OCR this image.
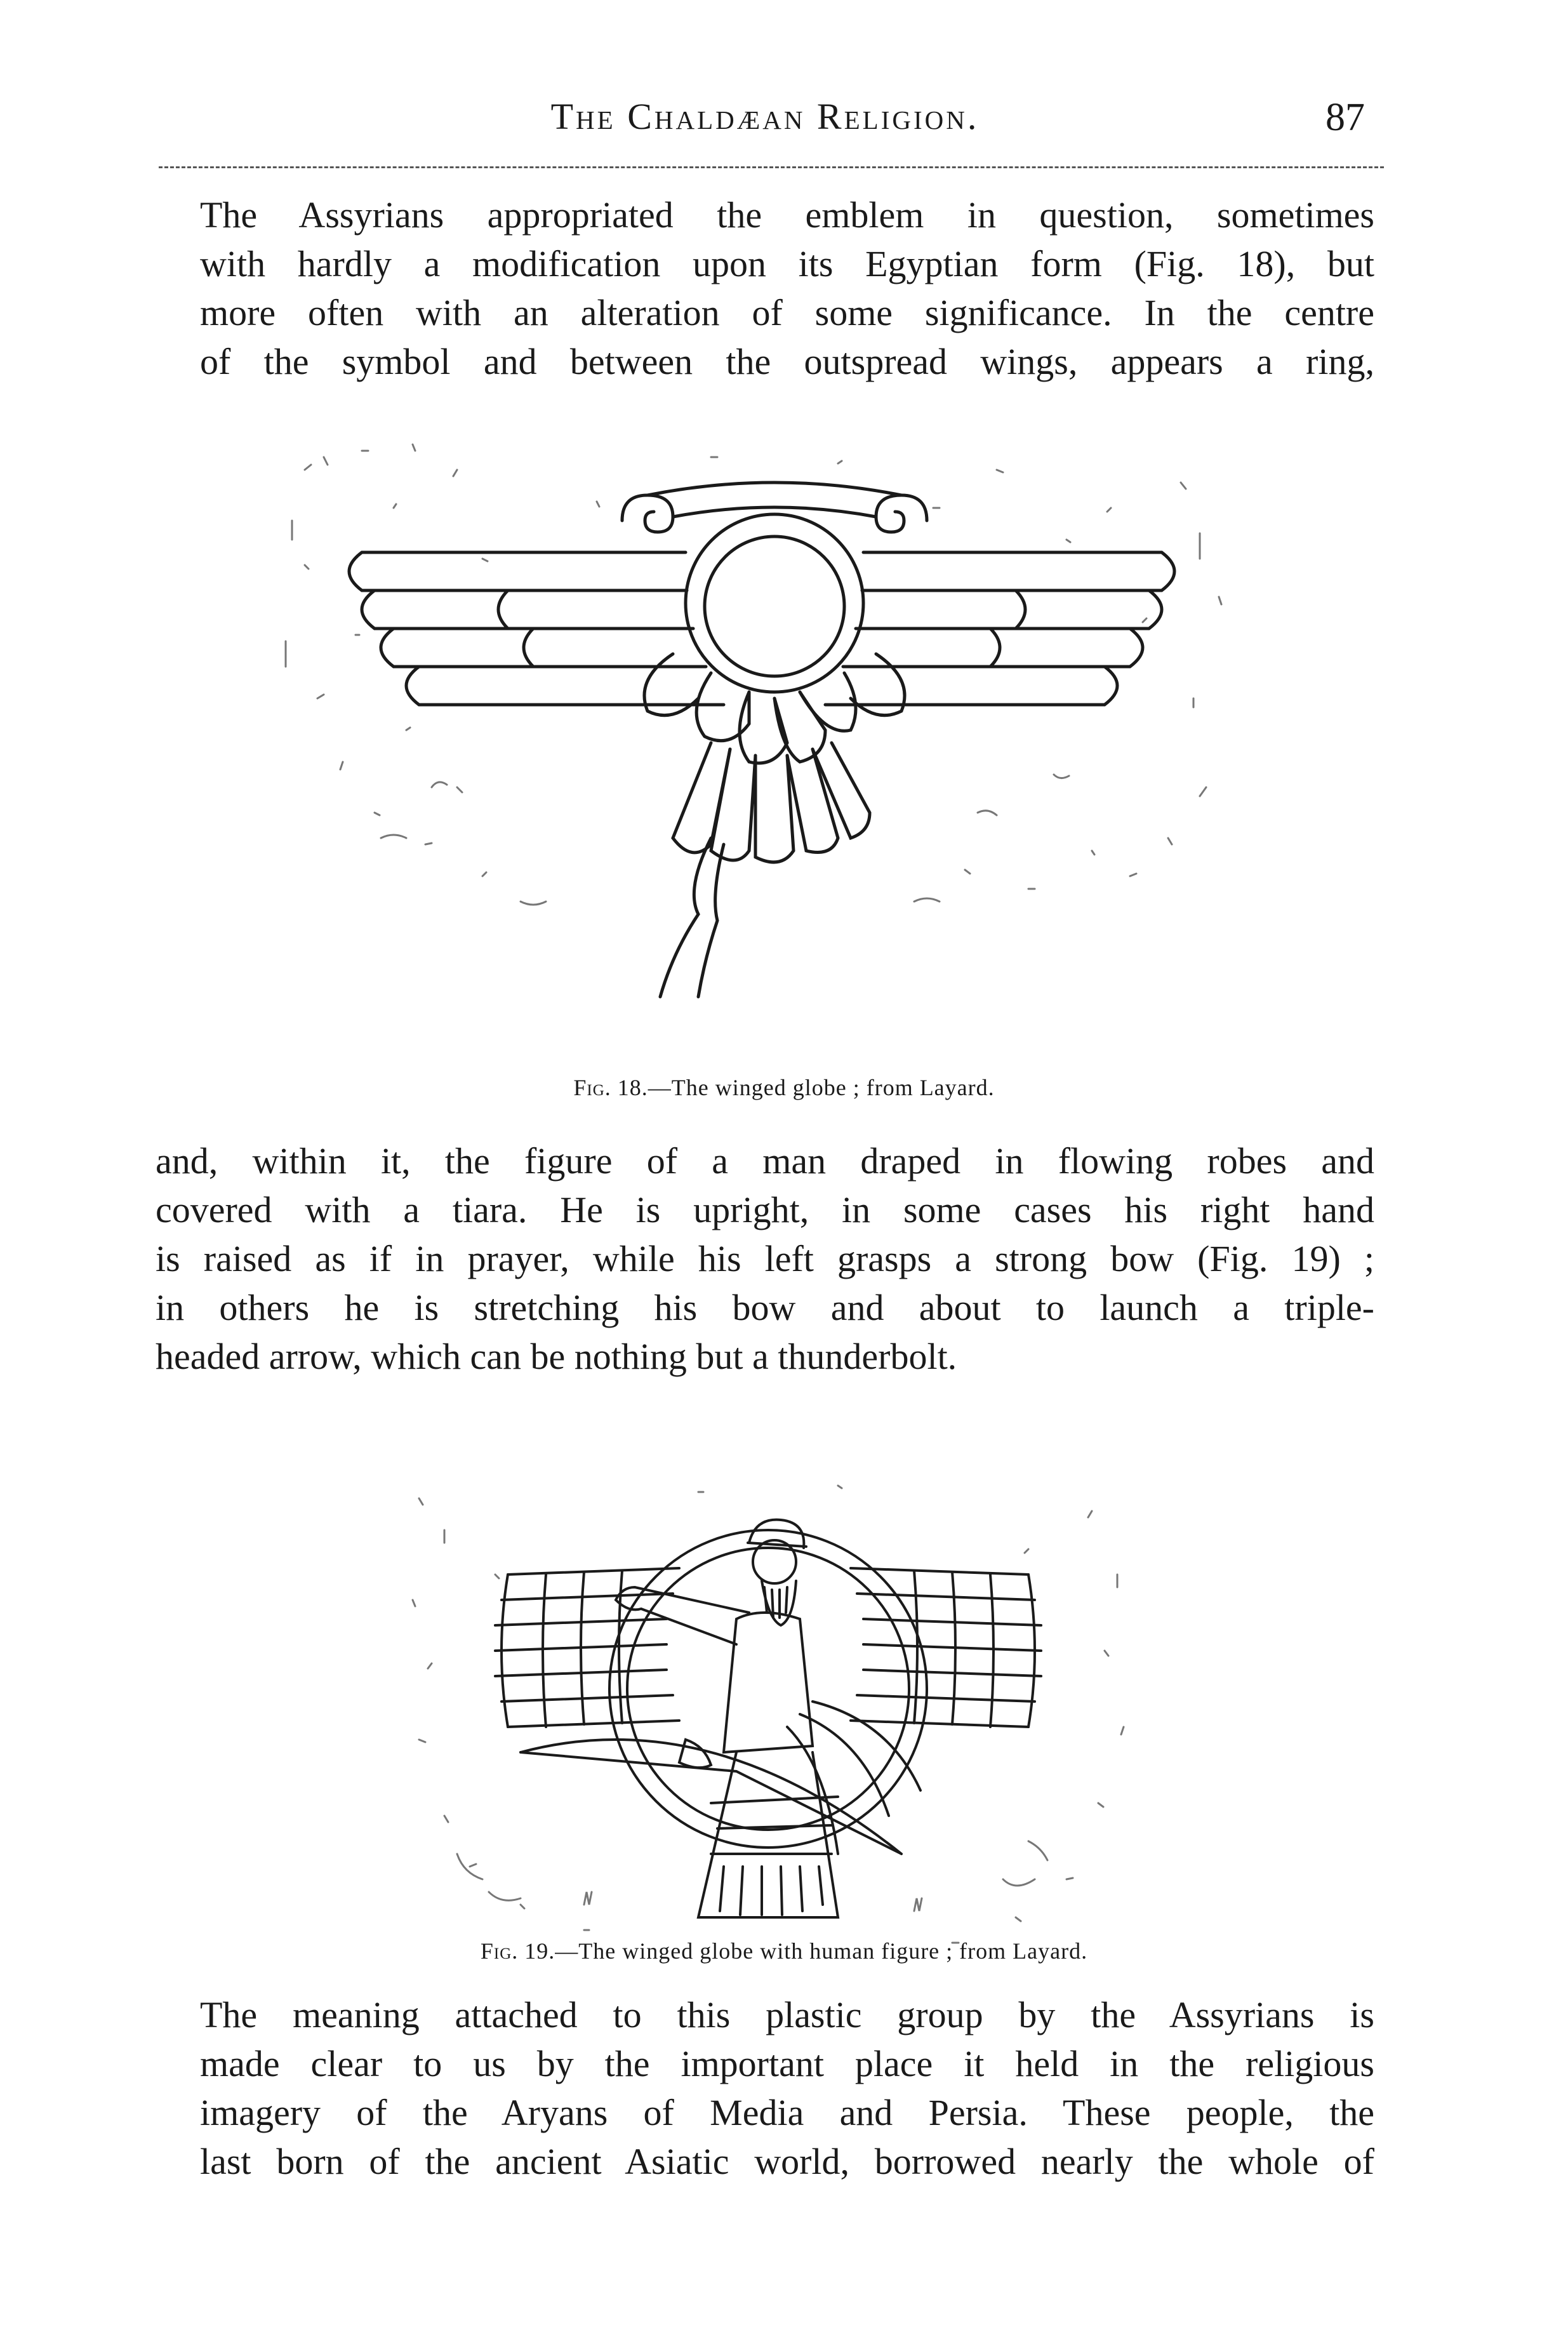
The Chaldæan Religion.	87
The Assyrians appropriated the emblem in question, sometimes
with hardly a modification upon its Egyptian form (Fig. 18), but
more often with an alteration of some significance. In the centre
of the symbol and between the outspread wings, appears a ring,
Fig. 18.—The winged globe ; from Layard.
and, within it, the figure of a man draped in flowing robes and
covered with a tiara. He is upright, in some cases his right hand
is raised as if in prayer, while his left grasps a strong bow (Fig. 19) ;
in others he is stretching his bow and about to launch a triple-
headed arrow, which can be nothing but a thunderbolt.
Fig. 19.—The winged globe with human figure ; from Layard.
The meaning attached to this plastic group by the Assyrians is
made clear to us by the important place it held in the religious
imagery of the Aryans of Media and Persia. These people, the
last born of the ancient Asiatic world, borrowed nearly the whole of
